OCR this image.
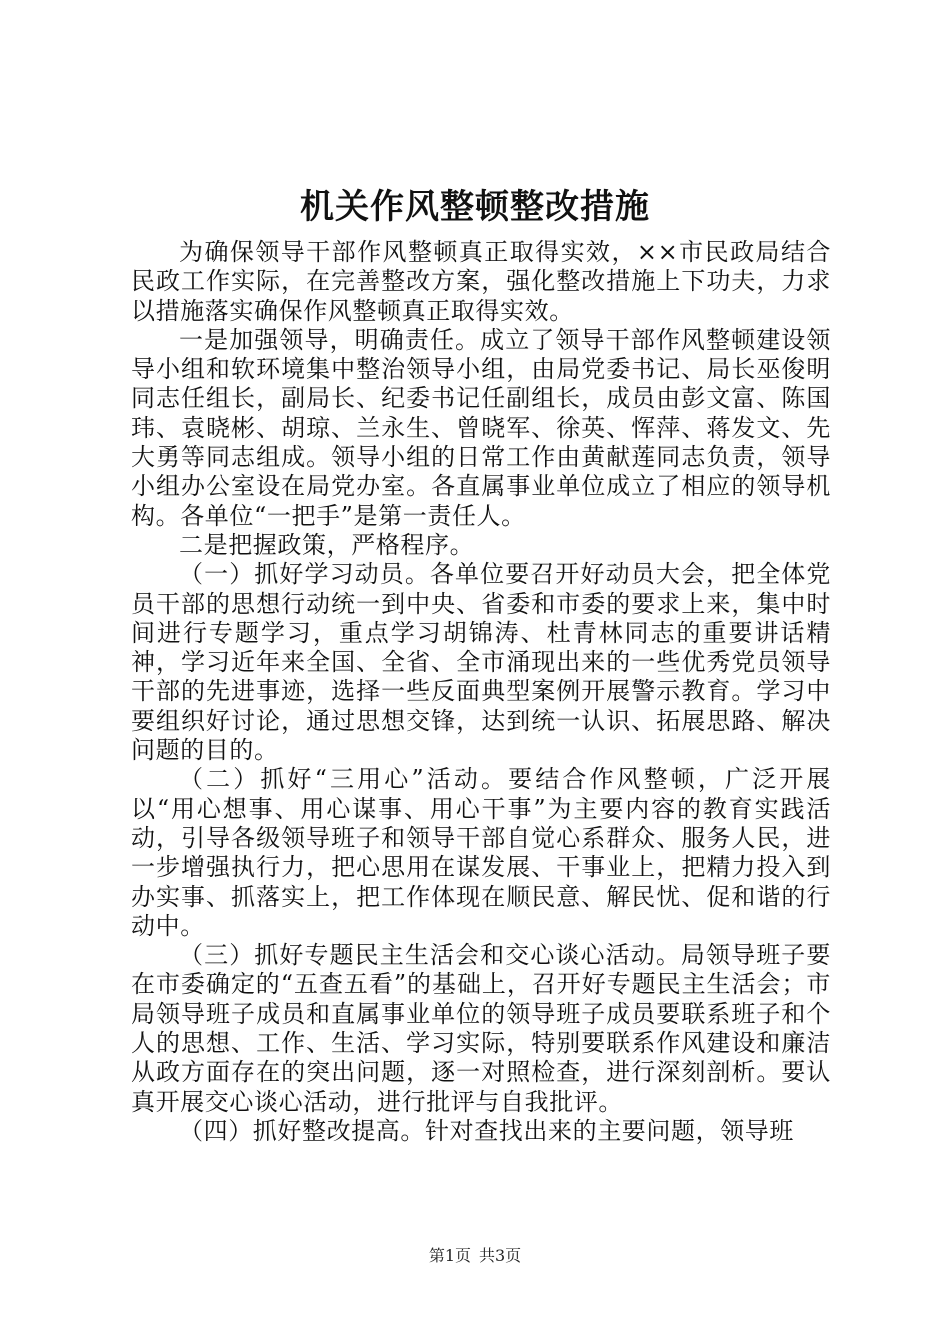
机关作风整顿整改措施

为确保领导干部作风整顿真正取得实效，××市民政局结合民政工作实际，在完善整改方案，强化整改措施上下功夫，力求以措施落实确保作风整顿真正取得实效。

一是加强领导，明确责任。成立了领导干部作风整顿建设领导小组和软环境集中整治领导小组，由局党委书记、局长巫俊明同志任组长，副局长、纪委书记任副组长，成员由彭文富、陈国玮、袁晓彬、胡琼、兰永生、曾晓军、徐英、恽萍、蒋发文、先大勇等同志组成。领导小组的日常工作由黄献莲同志负责，领导小组办公室设在局党办室。各直属事业单位成立了相应的领导机构。各单位“一把手”是第一责任人。

二是把握政策，严格程序。

（一）抓好学习动员。各单位要召开好动员大会，把全体党员干部的思想行动统一到中央、省委和市委的要求上来，集中时间进行专题学习，重点学习胡锦涛、杜青林同志的重要讲话精神，学习近年来全国、全省、全市涌现出来的一些优秀党员领导干部的先进事迹，选择一些反面典型案例开展警示教育。学习中要组织好讨论，通过思想交锋，达到统一认识、拓展思路、解决问题的目的。

（二）抓好“三用心”活动。要结合作风整顿，广泛开展以“用心想事、用心谋事、用心干事”为主要内容的教育实践活动，引导各级领导班子和领导干部自觉心系群众、服务人民，进一步增强执行力，把心思用在谋发展、干事业上，把精力投入到办实事、抓落实上，把工作体现在顺民意、解民忧、促和谐的行动中。

（三）抓好专题民主生活会和交心谈心活动。局领导班子要在市委确定的“五查五看”的基础上，召开好专题民主生活会；市局领导班子成员和直属事业单位的领导班子成员要联系班子和个人的思想、工作、生活、学习实际，特别要联系作风建设和廉洁从政方面存在的突出问题，逐一对照检查，进行深刻剖析。要认真开展交心谈心活动，进行批评与自我批评。

（四）抓好整改提高。针对查找出来的主要问题，领导班

第1页 共3页
